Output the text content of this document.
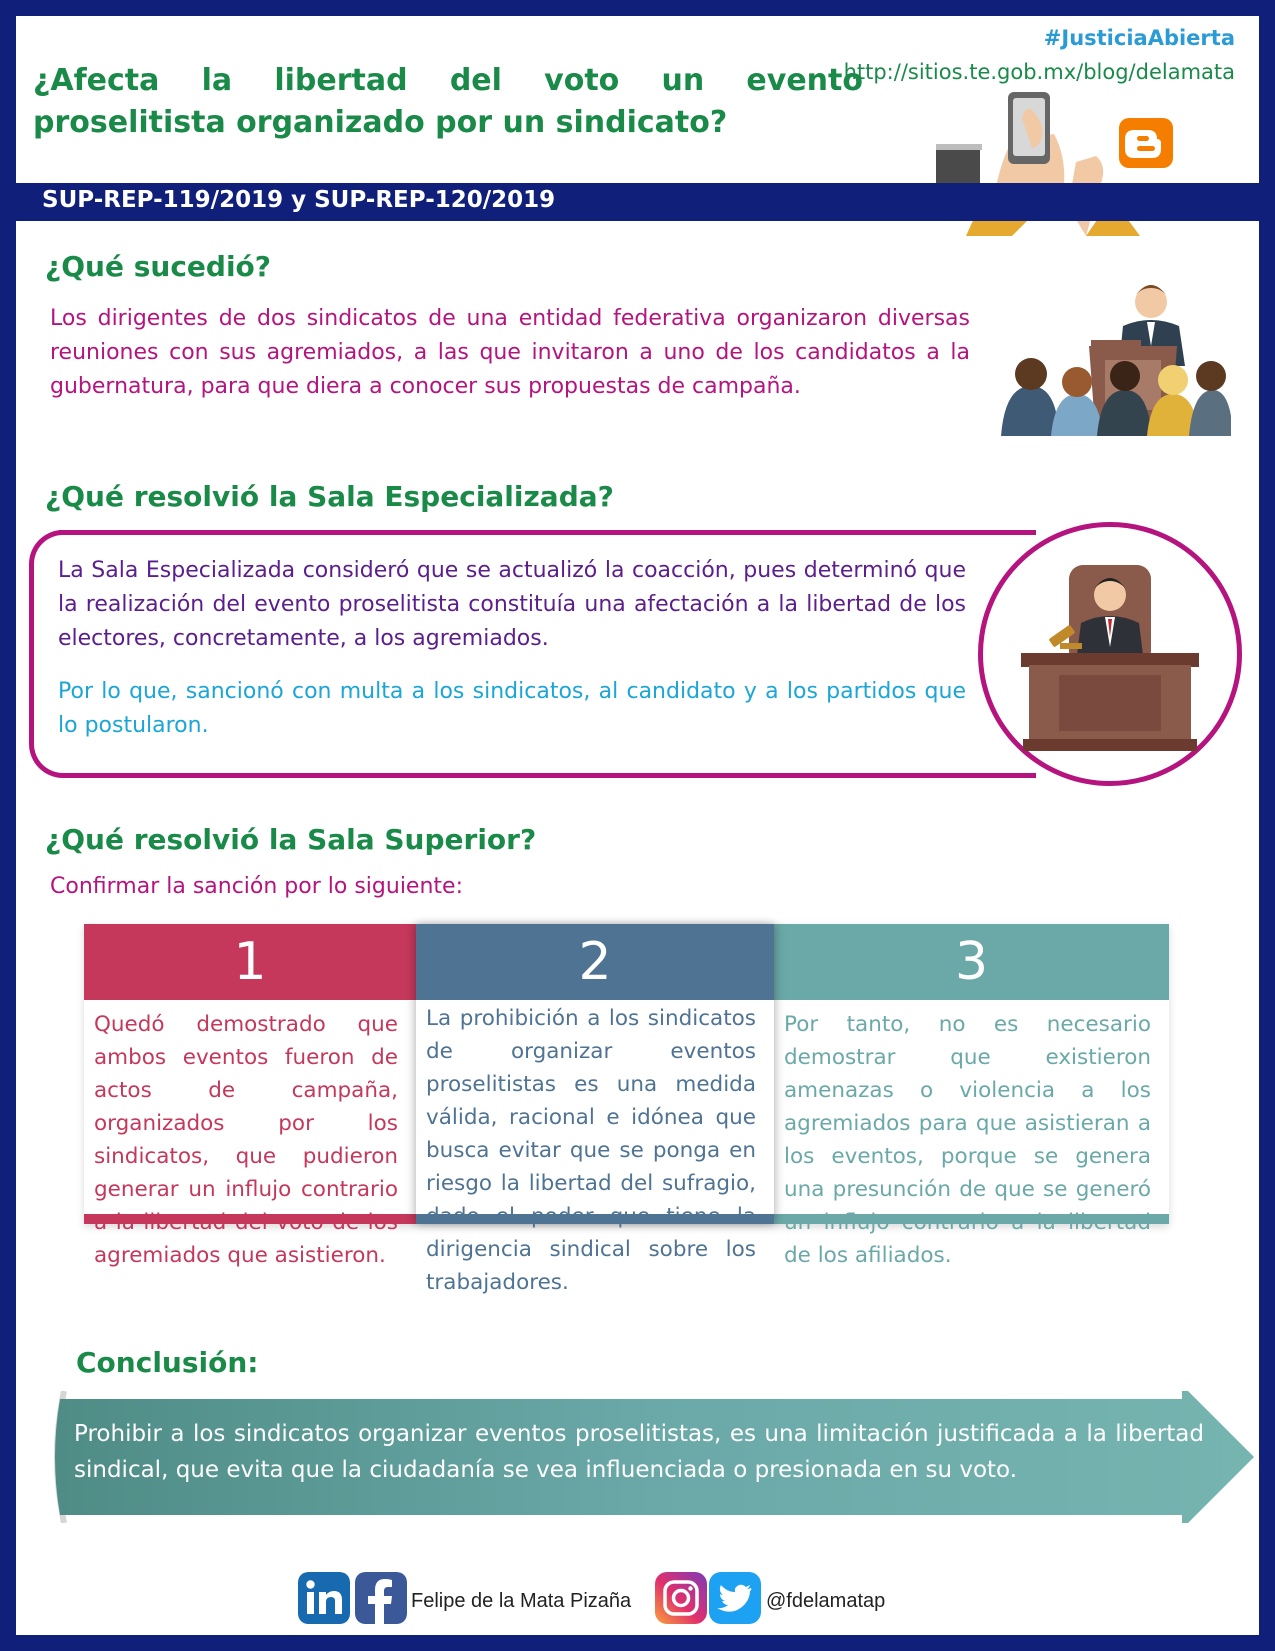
¿Afecta la libertad del voto un evento proselitista organizado por un sindicato?
#JusticiaAbierta
http://sitios.te.gob.mx/blog/delamata
SUP-REP-119/2019 y SUP-REP-120/2019
¿Qué sucedió?

Los dirigentes de dos sindicatos de una entidad federativa organizaron diversas reuniones con sus agremiados, a las que invitaron a uno de los candidatos a la gubernatura, para que diera a conocer sus propuestas de campaña.

¿Qué resolvió la Sala Especializada?

La Sala Especializada consideró que se actualizó la coacción, pues determinó que la realización del evento proselitista constituía una afectación a la libertad de los electores, concretamente, a los agremiados.

Por lo que, sancionó con multa a los sindicatos, al candidato y a los partidos que lo postularon.

¿Qué resolvió la Sala Superior?

Confirmar la sanción por lo siguiente:

1

Quedó demostrado que ambos eventos fueron de actos de campaña, organizados por los sindicatos, que pudieron generar un influjo contrario agremiados que asistieron.

2

La prohibición a los sindicatos de organizar eventos proselitistas es una medida válida, racional e idónea que busca evitar que se ponga en riesgo la libertad del sufragio, dirigencia sindical sobre los trabajadores.

3

Por tanto, no es necesario demostrar que existieron amenazas o violencia a los agremiados para que asistieran a los eventos, porque se genera una presunción de que se generó de los afiliados.

Conclusión:

Prohibir a los sindicatos organizar eventos proselitistas, es una limitación justificada a la libertad sindical, que evita que la ciudadanía se vea influenciada o presionada en su voto.

Felipe de la Mata Pizaña	@fdelamatap
